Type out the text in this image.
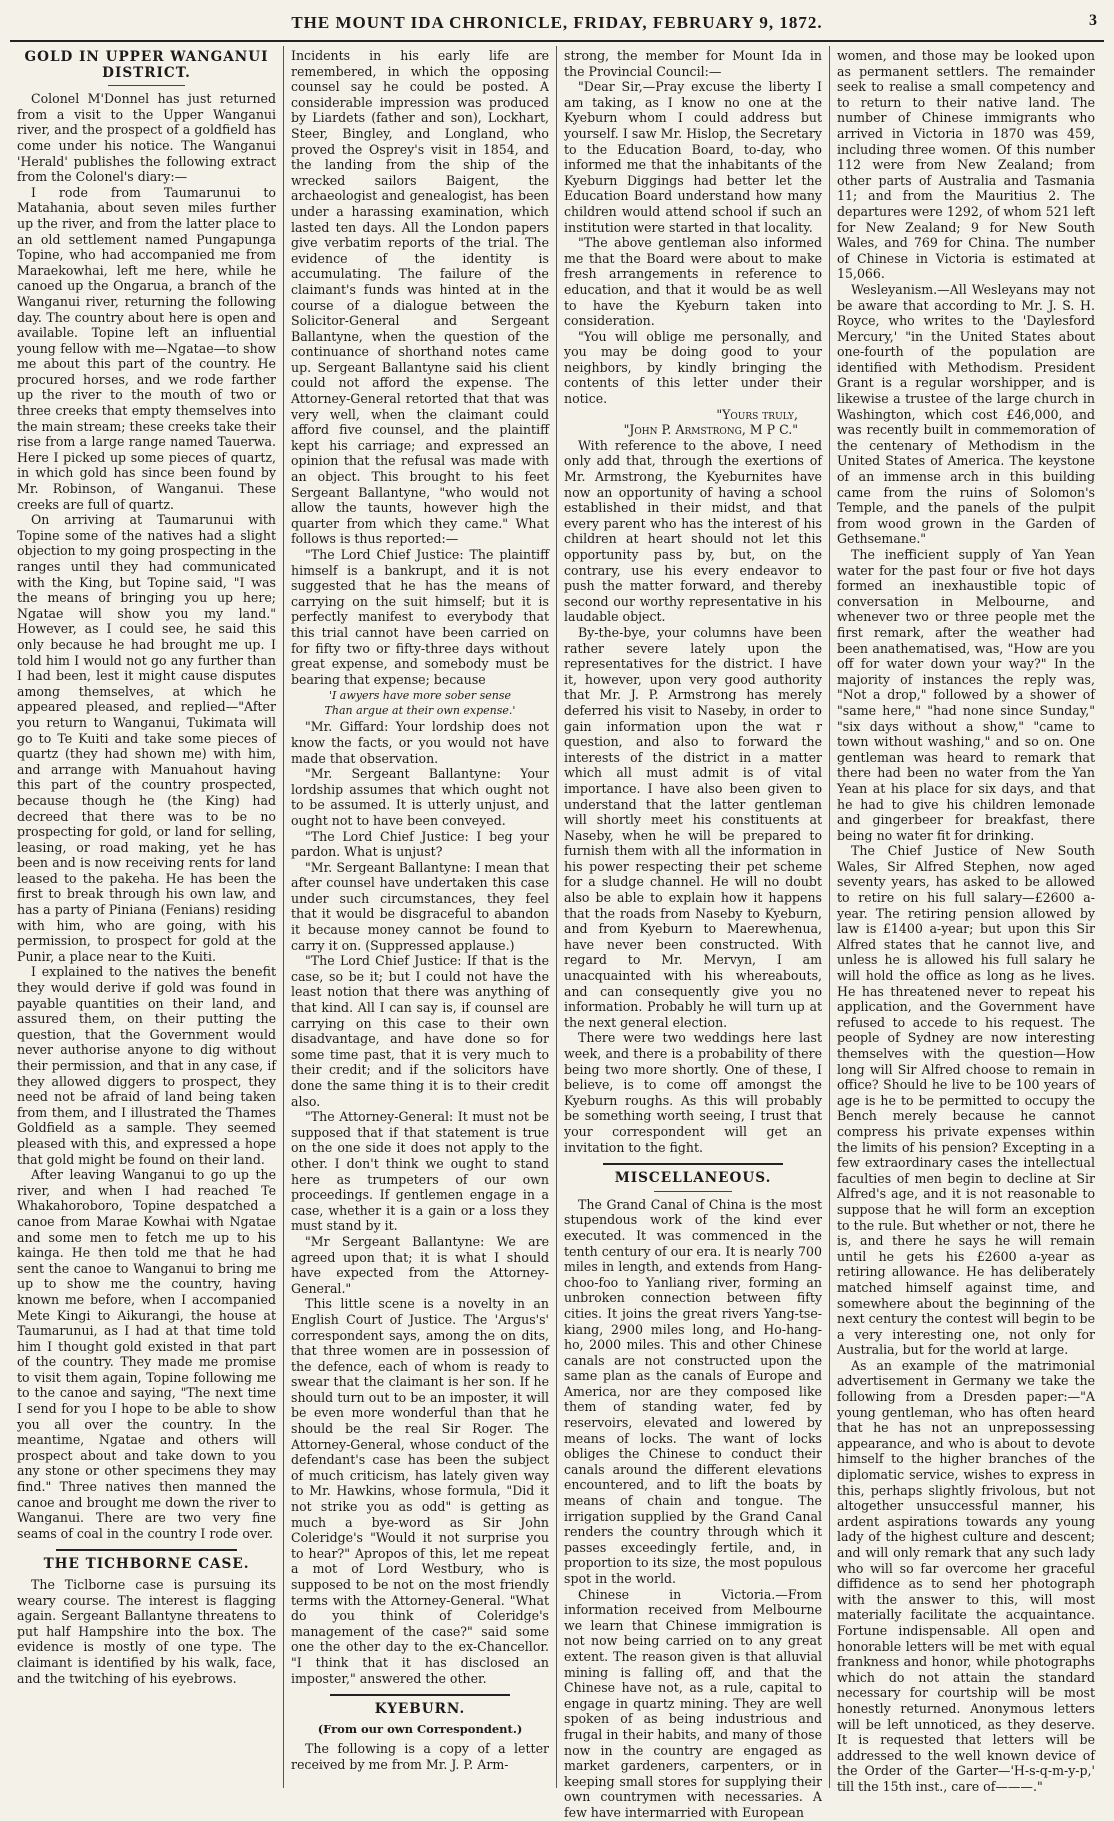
THE MOUNT IDA CHRONICLE, FRIDAY, FEBRUARY 9, 1872.	3
GOLD IN UPPER WANGANUI DISTRICT.

Colonel M'Donnel has just returned from a visit to the Upper Wanganui river, and the prospect of a goldfield has come under his notice. The Wanganui 'Herald' publishes the following extract from the Colonel's diary:—

I rode from Taumarunui to Matahania, about seven miles further up the river, and from the latter place to an old settlement named Pungapunga Topine, who had accompanied me from Maraekowhai, left me here, while he canoed up the Ongarua, a branch of the Wanganui river, returning the following day. The country about here is open and available. Topine left an influential young fellow with me—Ngatae—to show me about this part of the country. He procured horses, and we rode farther up the river to the mouth of two or three creeks that empty themselves into the main stream; these creeks take their rise from a large range named Tauerwa. Here I picked up some pieces of quartz, in which gold has since been found by Mr. Robinson, of Wanganui. These creeks are full of quartz.

On arriving at Taumarunui with Topine some of the natives had a slight objection to my going prospecting in the ranges until they had communicated with the King, but Topine said, "I was the means of bringing you up here; Ngatae will show you my land." However, as I could see, he said this only because he had brought me up. I told him I would not go any further than I had been, lest it might cause disputes among themselves, at which he appeared pleased, and replied—"After you return to Wanganui, Tukimata will go to Te Kuiti and take some pieces of quartz (they had shown me) with him, and arrange with Manuahout having this part of the country prospected, because though he (the King) had decreed that there was to be no prospecting for gold, or land for selling, leasing, or road making, yet he has been and is now receiving rents for land leased to the pakeha. He has been the first to break through his own law, and has a party of Piniana (Fenians) residing with him, who are going, with his permission, to prospect for gold at the Punir, a place near to the Kuiti.

I explained to the natives the benefit they would derive if gold was found in payable quantities on their land, and assured them, on their putting the question, that the Government would never authorise anyone to dig without their permission, and that in any case, if they allowed diggers to prospect, they need not be afraid of land being taken from them, and I illustrated the Thames Goldfield as a sample. They seemed pleased with this, and expressed a hope that gold might be found on their land.

After leaving Wanganui to go up the river, and when I had reached Te Whakahoroboro, Topine despatched a canoe from Marae Kowhai with Ngatae and some men to fetch me up to his kainga. He then told me that he had sent the canoe to Wanganui to bring me up to show me the country, having known me before, when I accompanied Mete Kingi to Aikurangi, the house at Taumarunui, as I had at that time told him I thought gold existed in that part of the country. They made me promise to visit them again, Topine following me to the canoe and saying, "The next time I send for you I hope to be able to show you all over the country. In the meantime, Ngatae and others will prospect about and take down to you any stone or other specimens they may find." Three natives then manned the canoe and brought me down the river to Wanganui. There are two very fine seams of coal in the country I rode over.

THE TICHBORNE CASE.

The Ticlborne case is pursuing its weary course. The interest is flagging again. Sergeant Ballantyne threatens to put half Hampshire into the box. The evidence is mostly of one type. The claimant is identified by his walk, face, and the twitching of his eyebrows.

Incidents in his early life are remembered, in which the opposing counsel say he could be posted. A considerable impression was produced by Liardets (father and son), Lockhart, Steer, Bingley, and Longland, who proved the Osprey's visit in 1854, and the landing from the ship of the wrecked sailors Baigent, the archaeologist and genealogist, has been under a harassing examination, which lasted ten days. All the London papers give verbatim reports of the trial. The evidence of the identity is accumulating. The failure of the claimant's funds was hinted at in the course of a dialogue between the Solicitor-General and Sergeant Ballantyne, when the question of the continuance of shorthand notes came up. Sergeant Ballantyne said his client could not afford the expense. The Attorney-General retorted that that was very well, when the claimant could afford five counsel, and the plaintiff kept his carriage; and expressed an opinion that the refusal was made with an object. This brought to his feet Sergeant Ballantyne, "who would not allow the taunts, however high the quarter from which they came." What follows is thus reported:—

"The Lord Chief Justice: The plaintiff himself is a bankrupt, and it is not suggested that he has the means of carrying on the suit himself; but it is perfectly manifest to everybody that this trial cannot have been carried on for fifty two or fifty-three days without great expense, and somebody must be bearing that expense; because

'I awyers have more sober sense
Than argue at their own expense.'

"Mr. Giffard: Your lordship does not know the facts, or you would not have made that observation.

"Mr. Sergeant Ballantyne: Your lordship assumes that which ought not to be assumed. It is utterly unjust, and ought not to have been conveyed.

"The Lord Chief Justice: I beg your pardon. What is unjust?

"Mr. Sergeant Ballantyne: I mean that after counsel have undertaken this case under such circumstances, they feel that it would be disgraceful to abandon it because money cannot be found to carry it on. (Suppressed applause.)

"The Lord Chief Justice: If that is the case, so be it; but I could not have the least notion that there was anything of that kind. All I can say is, if counsel are carrying on this case to their own disadvantage, and have done so for some time past, that it is very much to their credit; and if the solicitors have done the same thing it is to their credit also.

"The Attorney-General: It must not be supposed that if that statement is true on the one side it does not apply to the other. I don't think we ought to stand here as trumpeters of our own proceedings. If gentlemen engage in a case, whether it is a gain or a loss they must stand by it.

"Mr Sergeant Ballantyne: We are agreed upon that; it is what I should have expected from the Attorney-General."

This little scene is a novelty in an English Court of Justice. The 'Argus's' correspondent says, among the on dits, that three women are in possession of the defence, each of whom is ready to swear that the claimant is her son. If he should turn out to be an imposter, it will be even more wonderful than that he should be the real Sir Roger. The Attorney-General, whose conduct of the defendant's case has been the subject of much criticism, has lately given way to Mr. Hawkins, whose formula, "Did it not strike you as odd" is getting as much a bye-word as Sir John Coleridge's "Would it not surprise you to hear?" Apropos of this, let me repeat a mot of Lord Westbury, who is supposed to be not on the most friendly terms with the Attorney-General. "What do you think of Coleridge's management of the case?" said some one the other day to the ex-Chancellor. "I think that it has disclosed an imposter," answered the other.

KYEBURN.
(From our own Correspondent.)

The following is a copy of a letter received by me from Mr. J. P. Arm-

strong, the member for Mount Ida in the Provincial Council:—

"Dear Sir,—Pray excuse the liberty I am taking, as I know no one at the Kyeburn whom I could address but yourself. I saw Mr. Hislop, the Secretary to the Education Board, to-day, who informed me that the inhabitants of the Kyeburn Diggings had better let the Education Board understand how many children would attend school if such an institution were started in that locality.

"The above gentleman also informed me that the Board were about to make fresh arrangements in reference to education, and that it would be as well to have the Kyeburn taken into consideration.

"You will oblige me personally, and you may be doing good to your neighbors, by kindly bringing the contents of this letter under their notice.

"Yours truly,

"John P. Armstrong, M P C."

With reference to the above, I need only add that, through the exertions of Mr. Armstrong, the Kyeburnites have now an opportunity of having a school established in their midst, and that every parent who has the interest of his children at heart should not let this opportunity pass by, but, on the contrary, use his every endeavor to push the matter forward, and thereby second our worthy representative in his laudable object.

By-the-bye, your columns have been rather severe lately upon the representatives for the district. I have it, however, upon very good authority that Mr. J. P. Armstrong has merely deferred his visit to Naseby, in order to gain information upon the wat r question, and also to forward the interests of the district in a matter which all must admit is of vital importance. I have also been given to understand that the latter gentleman will shortly meet his constituents at Naseby, when he will be prepared to furnish them with all the information in his power respecting their pet scheme for a sludge channel. He will no doubt also be able to explain how it happens that the roads from Naseby to Kyeburn, and from Kyeburn to Maerewhenua, have never been constructed. With regard to Mr. Mervyn, I am unacquainted with his whereabouts, and can consequently give you no information. Probably he will turn up at the next general election.

There were two weddings here last week, and there is a probability of there being two more shortly. One of these, I believe, is to come off amongst the Kyeburn roughs. As this will probably be something worth seeing, I trust that your correspondent will get an invitation to the fight.

MISCELLANEOUS.

The Grand Canal of China is the most stupendous work of the kind ever executed. It was commenced in the tenth century of our era. It is nearly 700 miles in length, and extends from Hang-choo-foo to Yanliang river, forming an unbroken connection between fifty cities. It joins the great rivers Yang-tse-kiang, 2900 miles long, and Ho-hang-ho, 2000 miles. This and other Chinese canals are not constructed upon the same plan as the canals of Europe and America, nor are they composed like them of standing water, fed by reservoirs, elevated and lowered by means of locks. The want of locks obliges the Chinese to conduct their canals around the different elevations encountered, and to lift the boats by means of chain and tongue. The irrigation supplied by the Grand Canal renders the country through which it passes exceedingly fertile, and, in proportion to its size, the most populous spot in the world.

Chinese in Victoria.—From information received from Melbourne we learn that Chinese immigration is not now being carried on to any great extent. The reason given is that alluvial mining is falling off, and that the Chinese have not, as a rule, capital to engage in quartz mining. They are well spoken of as being industrious and frugal in their habits, and many of those now in the country are engaged as market gardeners, carpenters, or in keeping small stores for supplying their own countrymen with necessaries. A few have intermarried with European

women, and those may be looked upon as permanent settlers. The remainder seek to realise a small competency and to return to their native land. The number of Chinese immigrants who arrived in Victoria in 1870 was 459, including three women. Of this number 112 were from New Zealand; from other parts of Australia and Tasmania 11; and from the Mauritius 2. The departures were 1292, of whom 521 left for New Zealand; 9 for New South Wales, and 769 for China. The number of Chinese in Victoria is estimated at 15,066.

Wesleyanism.—All Wesleyans may not be aware that according to Mr. J. S. H. Royce, who writes to the 'Daylesford Mercury,' "in the United States about one-fourth of the population are identified with Methodism. President Grant is a regular worshipper, and is likewise a trustee of the large church in Washington, which cost £46,000, and was recently built in commemoration of the centenary of Methodism in the United States of America. The keystone of an immense arch in this building came from the ruins of Solomon's Temple, and the panels of the pulpit from wood grown in the Garden of Gethsemane."

The inefficient supply of Yan Yean water for the past four or five hot days formed an inexhaustible topic of conversation in Melbourne, and whenever two or three people met the first remark, after the weather had been anathematised, was, "How are you off for water down your way?" In the majority of instances the reply was, "Not a drop," followed by a shower of "same here," "had none since Sunday," "six days without a show," "came to town without washing," and so on. One gentleman was heard to remark that there had been no water from the Yan Yean at his place for six days, and that he had to give his children lemonade and gingerbeer for breakfast, there being no water fit for drinking.

The Chief Justice of New South Wales, Sir Alfred Stephen, now aged seventy years, has asked to be allowed to retire on his full salary—£2600 a-year. The retiring pension allowed by law is £1400 a-year; but upon this Sir Alfred states that he cannot live, and unless he is allowed his full salary he will hold the office as long as he lives. He has threatened never to repeat his application, and the Government have refused to accede to his request. The people of Sydney are now interesting themselves with the question—How long will Sir Alfred choose to remain in office? Should he live to be 100 years of age is he to be permitted to occupy the Bench merely because he cannot compress his private expenses within the limits of his pension? Excepting in a few extraordinary cases the intellectual faculties of men begin to decline at Sir Alfred's age, and it is not reasonable to suppose that he will form an exception to the rule. But whether or not, there he is, and there he says he will remain until he gets his £2600 a-year as retiring allowance. He has deliberately matched himself against time, and somewhere about the beginning of the next century the contest will begin to be a very interesting one, not only for Australia, but for the world at large.

As an example of the matrimonial advertisement in Germany we take the following from a Dresden paper:—"A young gentleman, who has often heard that he has not an unprepossessing appearance, and who is about to devote himself to the higher branches of the diplomatic service, wishes to express in this, perhaps slightly frivolous, but not altogether unsuccessful manner, his ardent aspirations towards any young lady of the highest culture and descent; and will only remark that any such lady who will so far overcome her graceful diffidence as to send her photograph with the answer to this, will most materially facilitate the acquaintance. Fortune indispensable. All open and honorable letters will be met with equal frankness and honor, while photographs which do not attain the standard necessary for courtship will be most honestly returned. Anonymous letters will be left unnoticed, as they deserve. It is requested that letters will be addressed to the well known device of the Order of the Garter—'H-s-q-m-y-p,' till the 15th inst., care of———."
